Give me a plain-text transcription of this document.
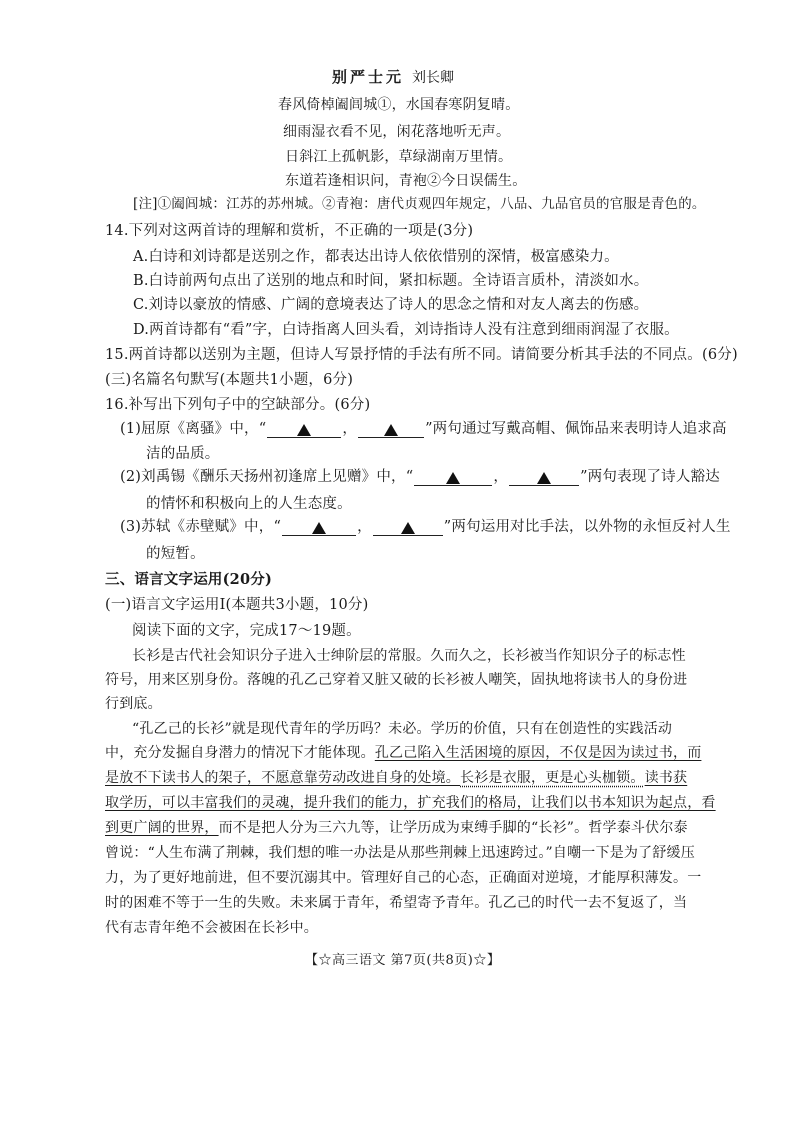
别严士元 刘长卿
春风倚棹阖闾城①，水国春寒阴复晴。
细雨湿衣看不见，闲花落地听无声。
日斜江上孤帆影，草绿湖南万里情。
东道若逢相识问，青袍②今日误儒生。
[注]①阖闾城：江苏的苏州城。②青袍：唐代贞观四年规定，八品、九品官员的官服是青色的。
14.下列对这两首诗的理解和赏析，不正确的一项是(3分)
A.白诗和刘诗都是送别之作，都表达出诗人依依惜别的深情，极富感染力。
B.白诗前两句点出了送别的地点和时间，紧扣标题。全诗语言质朴，清淡如水。
C.刘诗以豪放的情感、广阔的意境表达了诗人的思念之情和对友人离去的伤感。
D.两首诗都有“看”字，白诗指离人回头看，刘诗指诗人没有注意到细雨润湿了衣服。
15.两首诗都以送别为主题，但诗人写景抒情的手法有所不同。请简要分析其手法的不同点。(6分)
(三)名篇名句默写(本题共1小题，6分)
16.补写出下列句子中的空缺部分。(6分)
(1)屈原《离骚》中，“	，	”两句通过写戴高帽、佩饰品来表明诗人追求高
洁的品质。
(2)刘禹锡《酬乐天扬州初逢席上见赠》中，“	，	”两句表现了诗人豁达
的情怀和积极向上的人生态度。
(3)苏轼《赤壁赋》中，“	，	”两句运用对比手法，以外物的永恒反衬人生
的短暂。
三、语言文字运用(20分)
(一)语言文字运用Ⅰ(本题共3小题，10分)
阅读下面的文字，完成17～19题。
长衫是古代社会知识分子进入士绅阶层的常服。久而久之，长衫被当作知识分子的标志性
符号，用来区别身份。落魄的孔乙己穿着又脏又破的长衫被人嘲笑，固执地将读书人的身份进
行到底。
“孔乙己的长衫”就是现代青年的学历吗？未必。学历的价值，只有在创造性的实践活动
中，充分发掘自身潜力的情况下才能体现。孔乙己陷入生活困境的原因，不仅是因为读过书，而
是放不下读书人的架子，不愿意靠劳动改进自身的处境。长衫是衣服，更是心头枷锁。读书获
取学历，可以丰富我们的灵魂，提升我们的能力，扩充我们的格局，让我们以书本知识为起点，看
到更广阔的世界，而不是把人分为三六九等，让学历成为束缚手脚的“长衫”。哲学泰斗伏尔泰
曾说：“人生布满了荆棘，我们想的唯一办法是从那些荆棘上迅速跨过。”自嘲一下是为了舒缓压
力，为了更好地前进，但不要沉溺其中。管理好自己的心态，正确面对逆境，才能厚积薄发。一
时的困难不等于一生的失败。未来属于青年，希望寄予青年。孔乙己的时代一去不复返了，当
代有志青年绝不会被困在长衫中。
【☆高三语文 第7页(共8页)☆】
